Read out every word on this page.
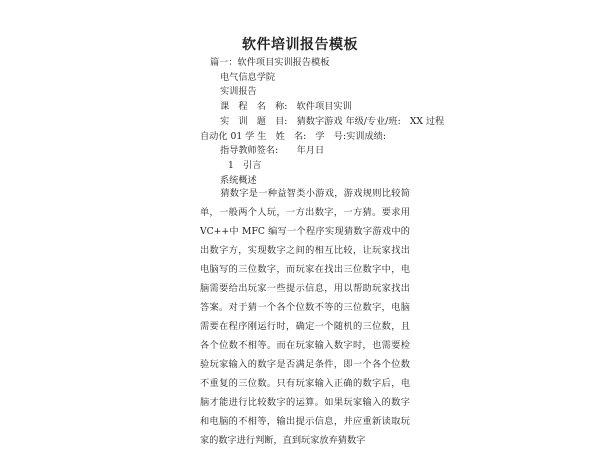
软件培训报告模板
篇一：软件项目实训报告模板
电气信息学院
实训报告
课　程　名　称:　软件项目实训
实　训　题　目:　猜数字游戏 年级/专业/班:　XX 过程
自动化 01 学 生　姓　名:　学　号:实训成绩:
指导教师签名:　　年月日
1　引言
系统概述
猜数字是一种益智类小游戏，游戏规则比较简单，一般两个人玩，一方出数字，一方猜。要求用 VC++中 MFC 编写一个程序实现猜数字游戏中的出数字方，实现数字之间的相互比较，让玩家找出电脑写的三位数字，而玩家在找出三位数字中，电脑需要给出玩家一些提示信息，用以帮助玩家找出答案。对于猜一个各个位数不等的三位数字，电脑需要在程序刚运行时，确定一个随机的三位数，且各个位数不相等。而在玩家输入数字时，也需要检验玩家输入的数字是否满足条件，即一个各个位数不重复的三位数。只有玩家输入正确的数字后，电脑才能进行比较数字的运算。如果玩家输入的数字和电脑的不相等，输出提示信息，并应重新读取玩家的数字进行判断，直到玩家放弃猜数字
